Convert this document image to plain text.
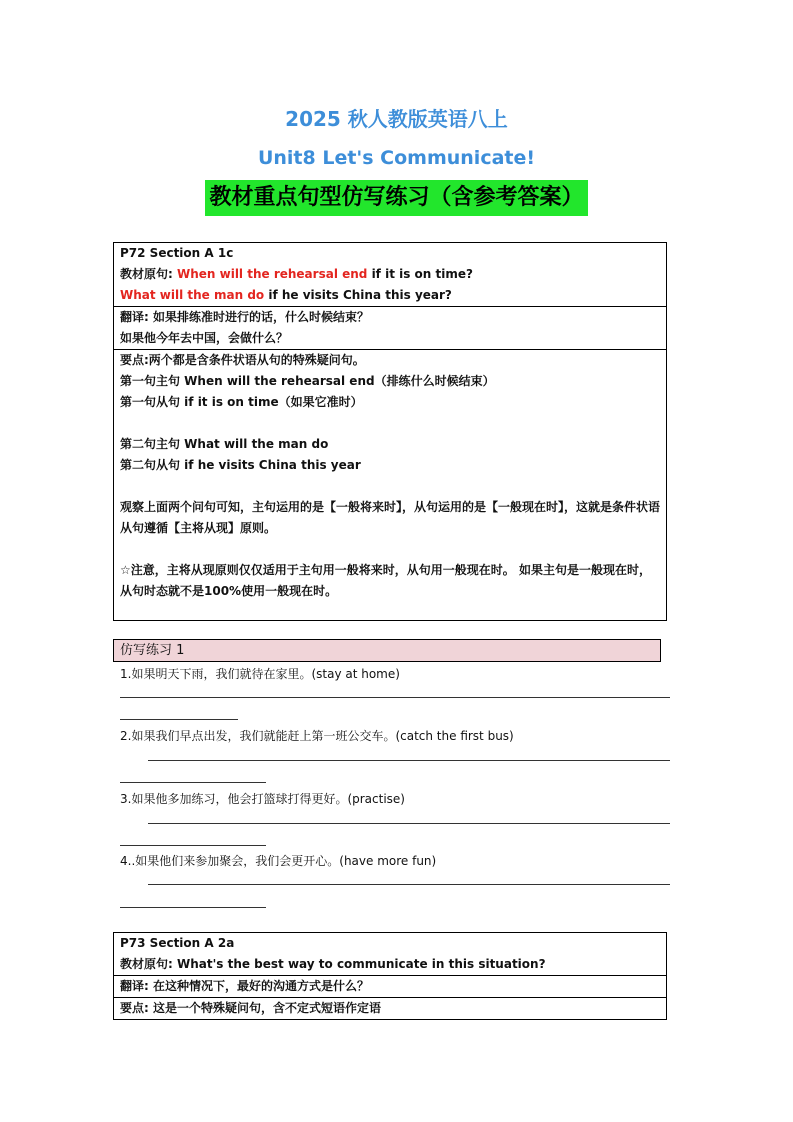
2025 秋人教版英语八上
Unit8 Let's Communicate!
教材重点句型仿写练习（含参考答案）
P72 Section A 1c
教材原句: When will the rehearsal end if it is on time?
What will the man do if he visits China this year?

翻译: 如果排练准时进行的话，什么时候结束？
如果他今年去中国，会做什么？

要点:两个都是含条件状语从句的特殊疑问句。
第一句主句 When will the rehearsal end（排练什么时候结束）
第一句从句 if it is on time（如果它准时）
第二句主句 What will the man do
第二句从句 if he visits China this year
观察上面两个问句可知，主句运用的是【一般将来时】，从句运用的是【一般现在时】，这就是条件状语从句遵循【主将从现】原则。
☆注意，主将从现原则仅仅适用于主句用一般将来时，从句用一般现在时。 如果主句是一般现在时，从句时态就不是100%使用一般现在时。
仿写练习 1
1.如果明天下雨，我们就待在家里。(stay at home)
2.如果我们早点出发，我们就能赶上第一班公交车。(catch the first bus)
3.如果他多加练习，他会打篮球打得更好。(practise)
4..如果他们来参加聚会，我们会更开心。(have more fun)
P73 Section A 2a
教材原句: What's the best way to communicate in this situation?

翻译: 在这种情况下，最好的沟通方式是什么？
要点: 这是一个特殊疑问句，含不定式短语作定语
